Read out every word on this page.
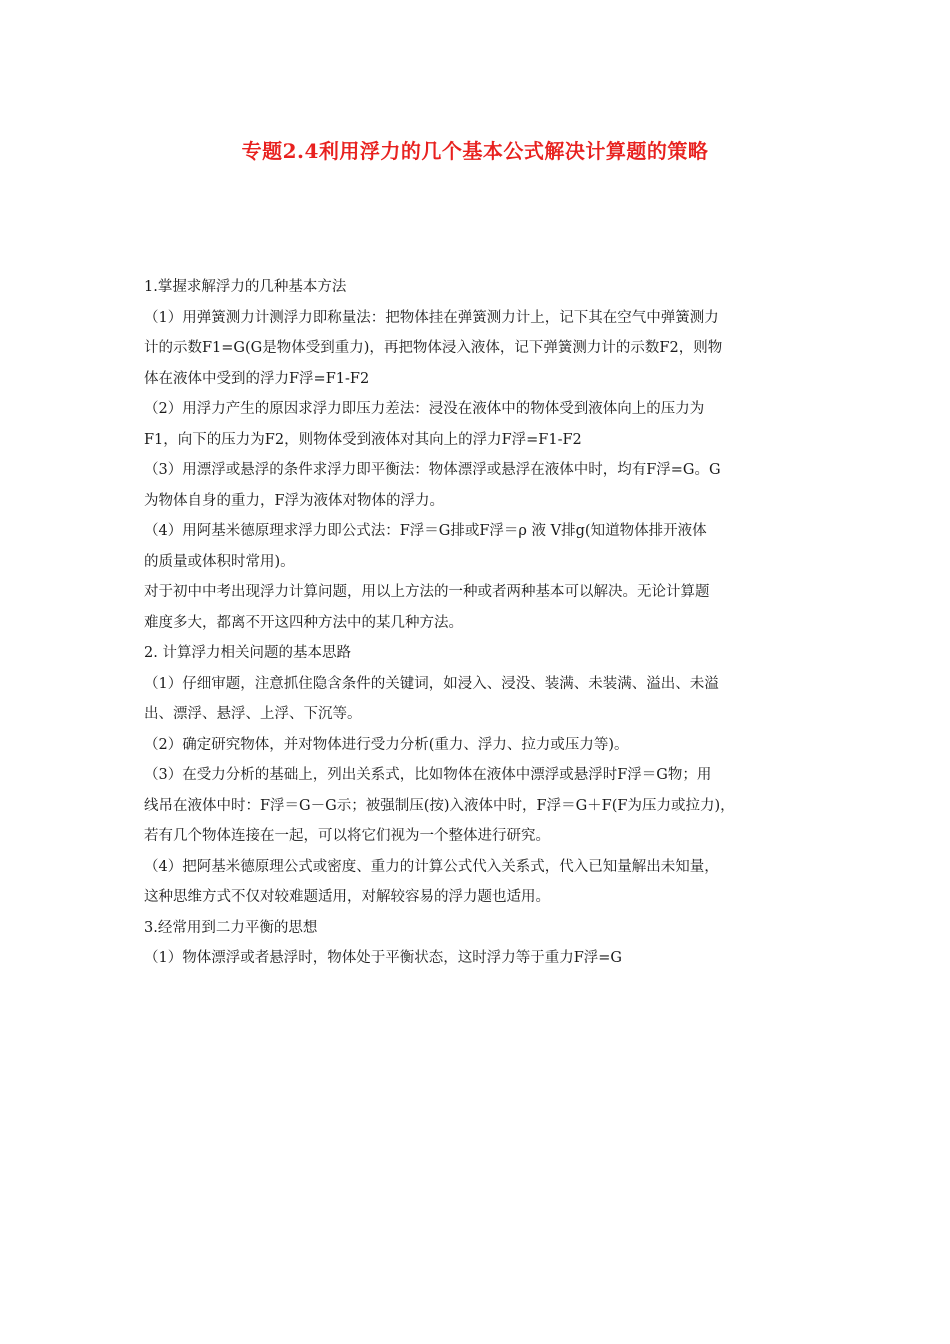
专题2.4利用浮力的几个基本公式解决计算题的策略

1.掌握求解浮力的几种基本方法

（1）用弹簧测力计测浮力即称量法：把物体挂在弹簧测力计上，记下其在空气中弹簧测力

计的示数F1=G(G是物体受到重力)，再把物体浸入液体，记下弹簧测力计的示数F2，则物

体在液体中受到的浮力F浮=F1-F2

（2）用浮力产生的原因求浮力即压力差法：浸没在液体中的物体受到液体向上的压力为

F1，向下的压力为F2，则物体受到液体对其向上的浮力F浮=F1-F2

（3）用漂浮或悬浮的条件求浮力即平衡法：物体漂浮或悬浮在液体中时，均有F浮=G。G

为物体自身的重力，F浮为液体对物体的浮力。

（4）用阿基米德原理求浮力即公式法：F浮＝G排或F浮＝ρ 液 V排g(知道物体排开液体

的质量或体积时常用)。

对于初中中考出现浮力计算问题，用以上方法的一种或者两种基本可以解决。无论计算题

难度多大，都离不开这四种方法中的某几种方法。

2. 计算浮力相关问题的基本思路

（1）仔细审题，注意抓住隐含条件的关键词，如浸入、浸没、装满、未装满、溢出、未溢

出、漂浮、悬浮、上浮、下沉等。

（2）确定研究物体，并对物体进行受力分析(重力、浮力、拉力或压力等)。

（3）在受力分析的基础上，列出关系式，比如物体在液体中漂浮或悬浮时F浮＝G物；用

线吊在液体中时：F浮＝G－G示；被强制压(按)入液体中时，F浮＝G＋F(F为压力或拉力)，

若有几个物体连接在一起，可以将它们视为一个整体进行研究。

（4）把阿基米德原理公式或密度、重力的计算公式代入关系式，代入已知量解出未知量，

这种思维方式不仅对较难题适用，对解较容易的浮力题也适用。

3.经常用到二力平衡的思想

（1）物体漂浮或者悬浮时，物体处于平衡状态，这时浮力等于重力F浮=G
